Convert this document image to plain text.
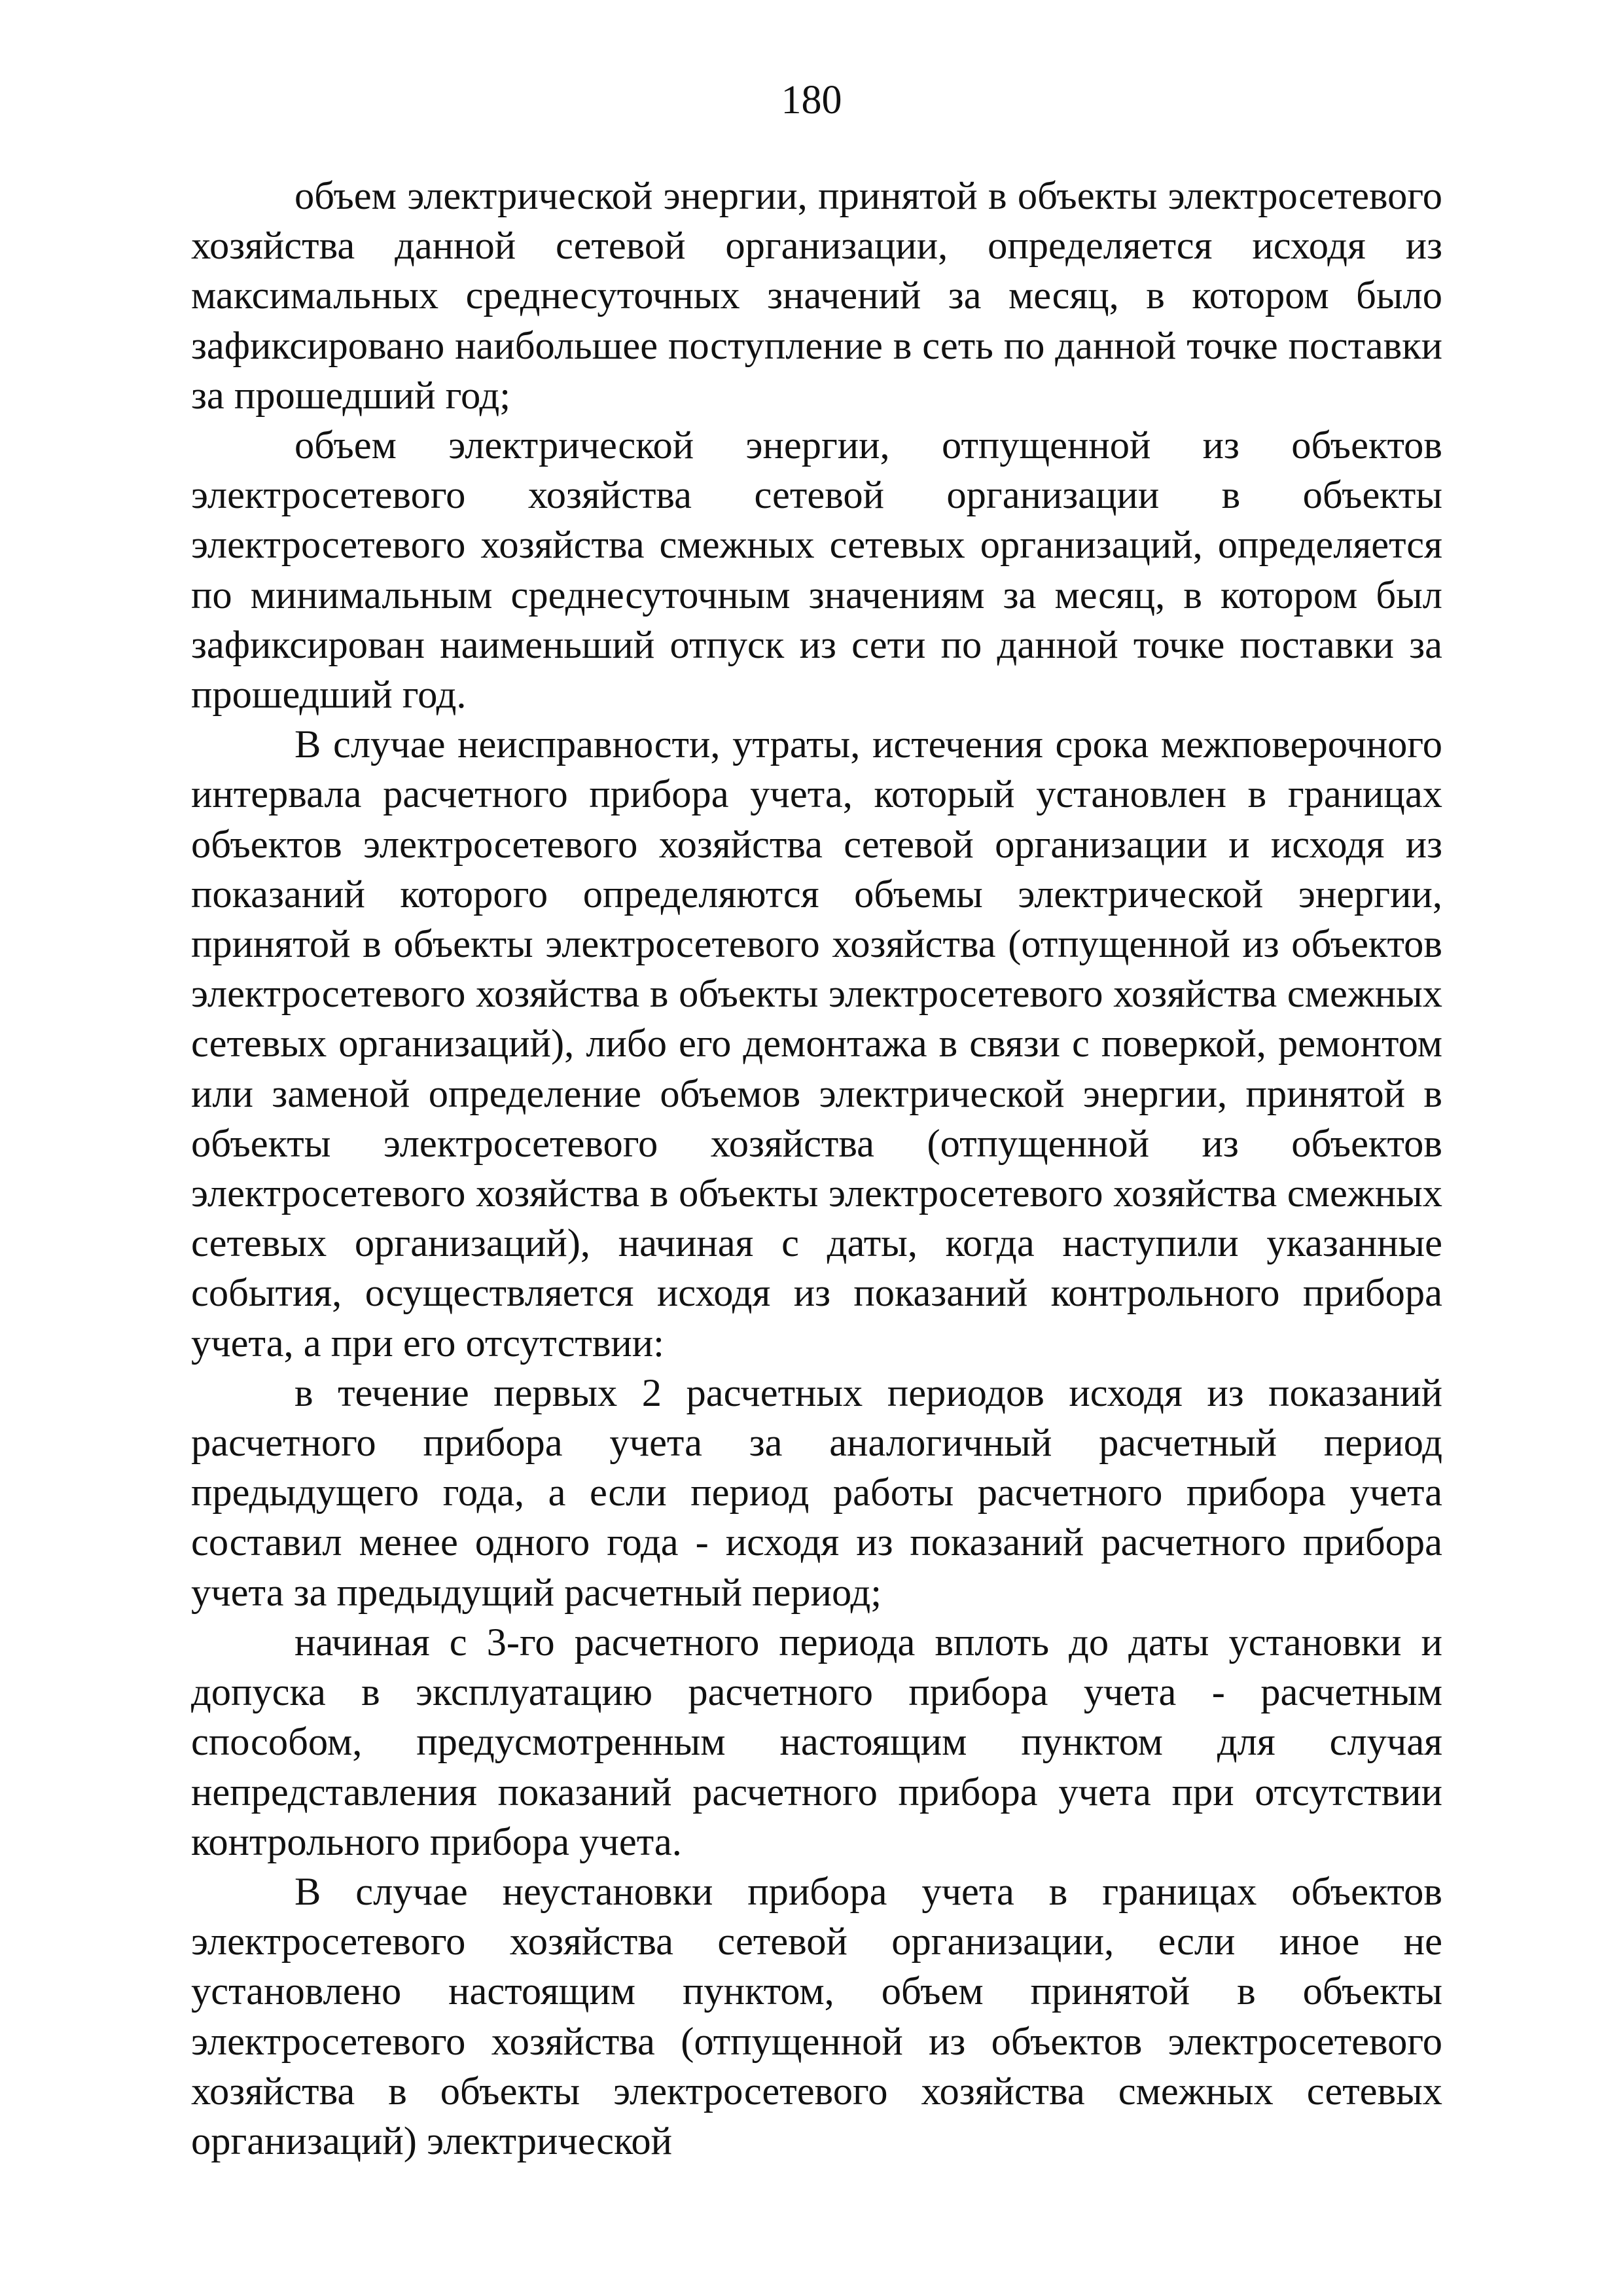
180

объем электрической энергии, принятой в объекты электросетевого хозяйства данной сетевой организации, определяется исходя из максимальных среднесуточных значений за месяц, в котором было зафиксировано наибольшее поступление в сеть по данной точке поставки за прошедший год;

объем электрической энергии, отпущенной из объектов электросетевого хозяйства сетевой организации в объекты электросетевого хозяйства смежных сетевых организаций, определяется по минимальным среднесуточным значениям за месяц, в котором был зафиксирован наименьший отпуск из сети по данной точке поставки за прошедший год.

В случае неисправности, утраты, истечения срока межповерочного интервала расчетного прибора учета, который установлен в границах объектов электросетевого хозяйства сетевой организации и исходя из показаний которого определяются объемы электрической энергии, принятой в объекты электросетевого хозяйства (отпущенной из объектов электросетевого хозяйства в объекты электросетевого хозяйства смежных сетевых организаций), либо его демонтажа в связи с поверкой, ремонтом или заменой определение объемов электрической энергии, принятой в объекты электросетевого хозяйства (отпущенной из объектов электросетевого хозяйства в объекты электросетевого хозяйства смежных сетевых организаций), начиная с даты, когда наступили указанные события, осуществляется исходя из показаний контрольного прибора учета, а при его отсутствии:

в течение первых 2 расчетных периодов исходя из показаний расчетного прибора учета за аналогичный расчетный период предыдущего года, а если период работы расчетного прибора учета составил менее одного года - исходя из показаний расчетного прибора учета за предыдущий расчетный период;

начиная с 3-го расчетного периода вплоть до даты установки и допуска в эксплуатацию расчетного прибора учета - расчетным способом, предусмотренным настоящим пунктом для случая непредставления показаний расчетного прибора учета при отсутствии контрольного прибора учета.

В случае неустановки прибора учета в границах объектов электросетевого хозяйства сетевой организации, если иное не установлено настоящим пунктом, объем принятой в объекты электросетевого хозяйства (отпущенной из объектов электросетевого хозяйства в объекты электросетевого хозяйства смежных сетевых организаций) электрической
